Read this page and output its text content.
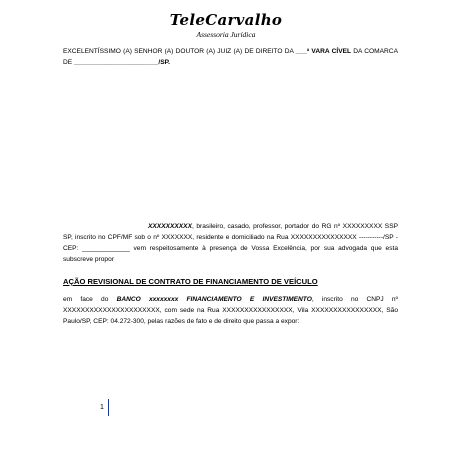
TeleCarvalho
Assessoria Jurídica

EXCELENTÍSSIMO (A) SENHOR (A) DOUTOR (A) JUIZ (A) DE DIREITO DA ___ª VARA CÍVEL DA COMARCA DE _______________________/SP.

XXXXXXXXXX, brasileiro, casado, professor, portador do RG nº XXXXXXXXX SSP SP, inscrito no CPF/MF sob o nº XXXXXXX, residente e domiciliado na Rua XXXXXXXXXXXXXXX -----------/SP - CEP: _____________ vem respeitosamente à presença de Vossa Excelência, por sua advogada que esta subscreve propor

AÇÃO REVISIONAL DE CONTRATO DE FINANCIAMENTO DE VEÍCULO

em face do BANCO xxxxxxxx FINANCIAMENTO E INVESTIMENTO, inscrito no CNPJ nº XXXXXXXXXXXXXXXXXXXXXX, com sede na Rua XXXXXXXXXXXXXXXX, Vila XXXXXXXXXXXXXXXX, São Paulo/SP, CEP: 04.272-300, pelas razões de fato e de direito que passa a expor:

1
